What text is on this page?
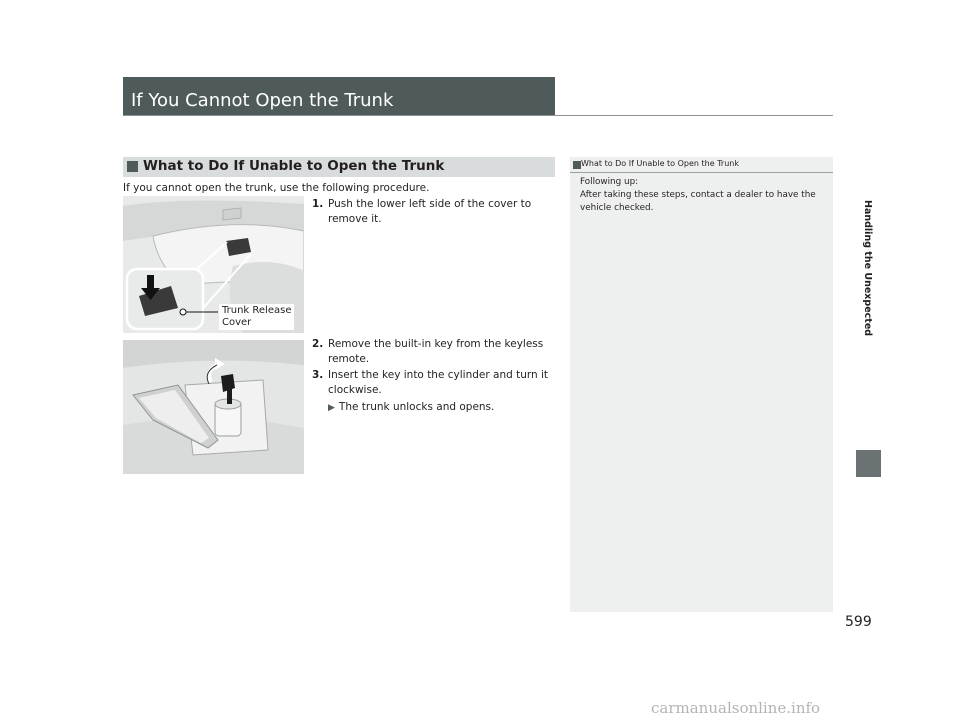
If You Cannot Open the Trunk
What to Do If Unable to Open the Trunk
If you cannot open the trunk, use the following procedure.
Trunk Release
Cover
1. Push the lower left side of the cover to remove it.
2. Remove the built-in key from the keyless remote.
3. Insert the key into the cylinder and turn it clockwise.
▶ The trunk unlocks and opens.
What to Do If Unable to Open the Trunk
Following up:
After taking these steps, contact a dealer to have the vehicle checked.	Handling the Unexpected
599
carmanualsonline.info
